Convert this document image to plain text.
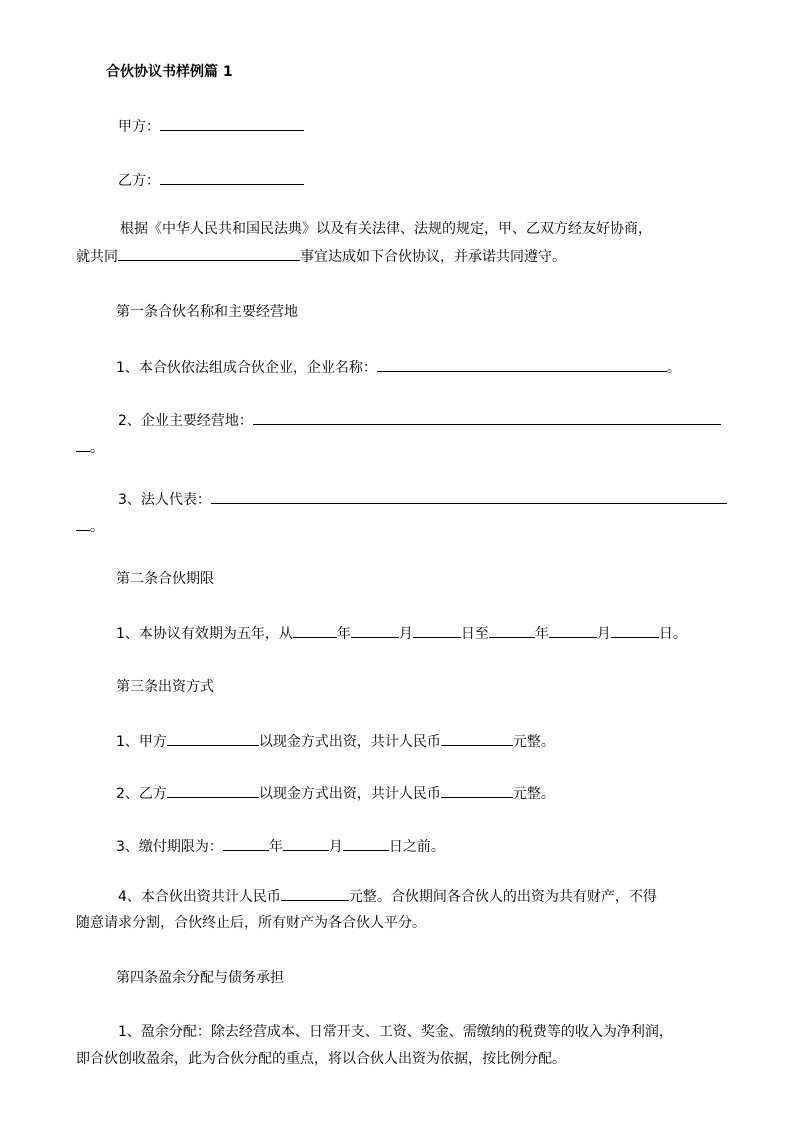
合伙协议书样例篇 1
甲方：
乙方：
根据《中华人民共和国民法典》以及有关法律、法规的规定，甲、乙双方经友好协商，
就共同	事宜达成如下合伙协议，并承诺共同遵守。
第一条合伙名称和主要经营地
1、本合伙依法组成合伙企业，企业名称：	。
2、企业主要经营地：
。
3、法人代表：
。
第二条合伙期限
1、本协议有效期为五年，从	年	月	日至	年	月	日。
第三条出资方式
1、甲方	以现金方式出资，共计人民币	元整。
2、乙方	以现金方式出资，共计人民币	元整。
3、缴付期限为：	年	月	日之前。
4、本合伙出资共计人民币	元整。合伙期间各合伙人的出资为共有财产，不得
随意请求分割，合伙终止后，所有财产为各合伙人平分。
第四条盈余分配与债务承担
1、盈余分配：除去经营成本、日常开支、工资、奖金、需缴纳的税费等的收入为净利润，
即合伙创收盈余，此为合伙分配的重点，将以合伙人出资为依据，按比例分配。
